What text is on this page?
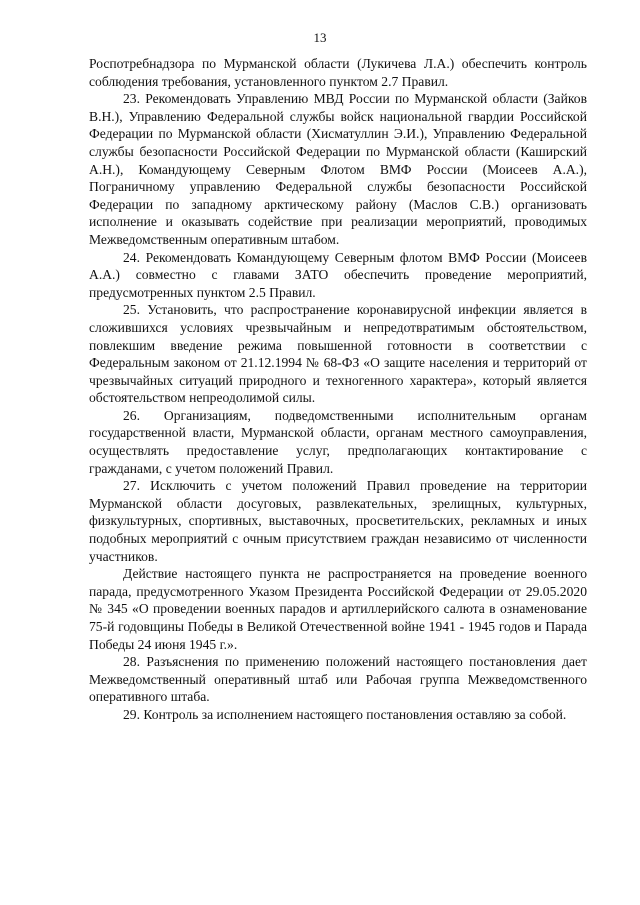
13

Роспотребнадзора по Мурманской области (Лукичева Л.А.) обеспечить контроль соблюдения требования, установленного пунктом 2.7 Правил.

23. Рекомендовать Управлению МВД России по Мурманской области (Зайков В.Н.), Управлению Федеральной службы войск национальной гвардии Российской Федерации по Мурманской области (Хисматуллин Э.И.), Управлению Федеральной службы безопасности Российской Федерации по Мурманской области (Каширский А.Н.), Командующему Северным Флотом ВМФ России (Моисеев А.А.), Пограничному управлению Федеральной службы безопасности Российской Федерации по западному арктическому району (Маслов С.В.) организовать исполнение и оказывать содействие при реализации мероприятий, проводимых Межведомственным оперативным штабом.

24. Рекомендовать Командующему Северным флотом ВМФ России (Моисеев А.А.) совместно с главами ЗАТО обеспечить проведение мероприятий, предусмотренных пунктом 2.5 Правил.

25. Установить, что распространение коронавирусной инфекции является в сложившихся условиях чрезвычайным и непредотвратимым обстоятельством, повлекшим введение режима повышенной готовности в соответствии с Федеральным законом от 21.12.1994 № 68-ФЗ «О защите населения и территорий от чрезвычайных ситуаций природного и техногенного характера», который является обстоятельством непреодолимой силы.

26. Организациям, подведомственными исполнительным органам государственной власти, Мурманской области, органам местного самоуправления, осуществлять предоставление услуг, предполагающих контактирование с гражданами, с учетом положений Правил.

27. Исключить с учетом положений Правил проведение на территории Мурманской области досуговых, развлекательных, зрелищных, культурных, физкультурных, спортивных, выставочных, просветительских, рекламных и иных подобных мероприятий с очным присутствием граждан независимо от численности участников.

Действие настоящего пункта не распространяется на проведение военного парада, предусмотренного Указом Президента Российской Федерации от 29.05.2020 № 345 «О проведении военных парадов и артиллерийского салюта в ознаменование 75-й годовщины Победы в Великой Отечественной войне 1941 - 1945 годов и Парада Победы 24 июня 1945 г.».

28. Разъяснения по применению положений настоящего постановления дает Межведомственный оперативный штаб или Рабочая группа Межведомственного оперативного штаба.

29. Контроль за исполнением настоящего постановления оставляю за собой.
